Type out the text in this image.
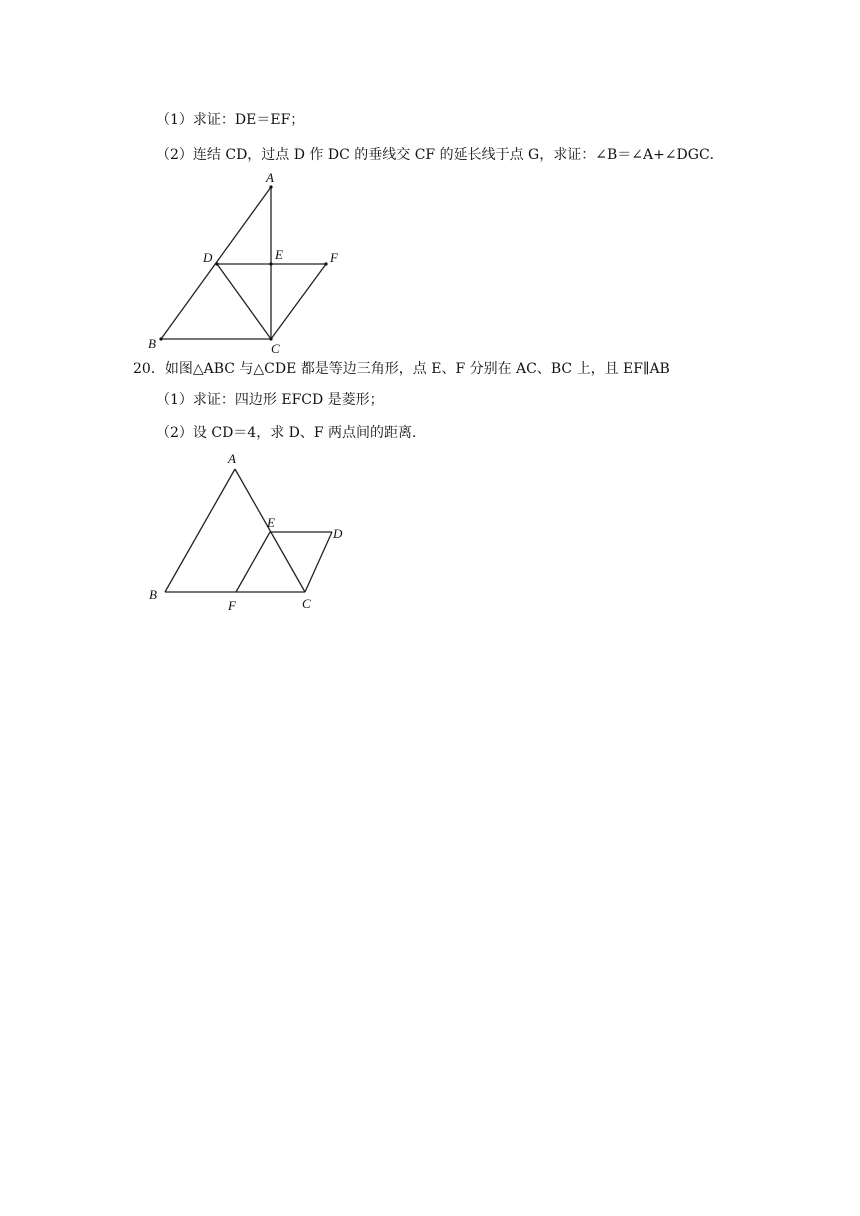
（1）求证：DE＝EF；
（2）连结 CD，过点 D 作 DC 的垂线交 CF 的延长线于点 G，求证：∠B＝∠A+∠DGC．
A
D	E	F
B	C
20．如图△ABC 与△CDE 都是等边三角形，点 E、F 分别在 AC、BC 上，且 EF∥AB
（1）求证：四边形 EFCD 是菱形；
（2）设 CD＝4，求 D、F 两点间的距离．
A
E
D
B
F	C
